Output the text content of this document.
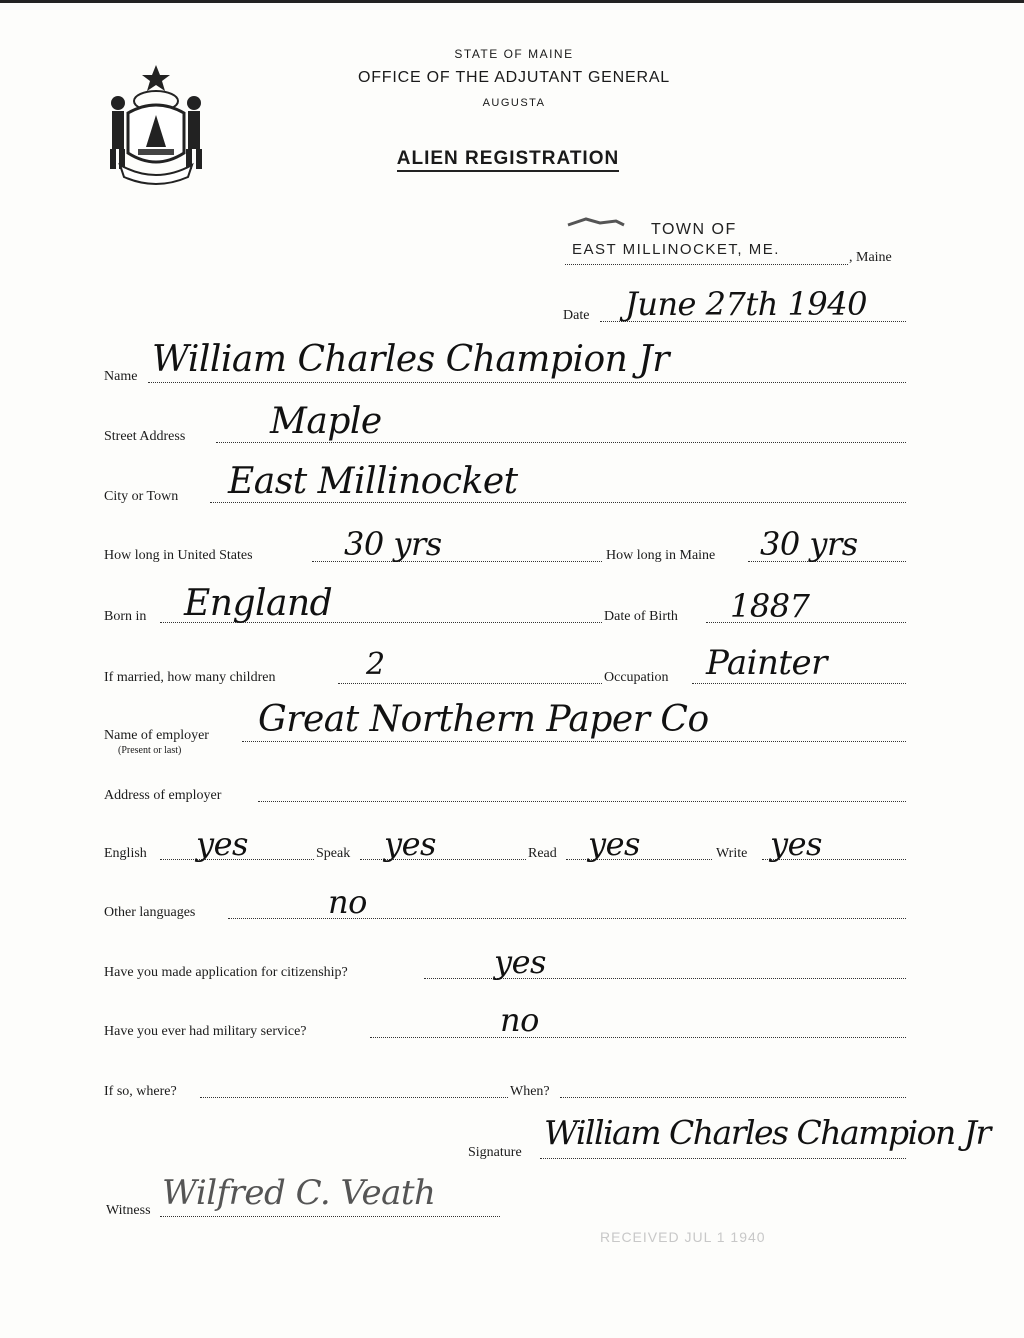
STATE OF MAINE
OFFICE OF THE ADJUTANT GENERAL
AUGUSTA
ALIEN REGISTRATION
TOWN OF
EAST MILLINOCKET, ME.	, Maine
Date June 27th 1940
Name William Charles Champion Jr
Street Address Maple
City or Town East Millinocket
How long in United States	30 yrs	How long in Maine 30 yrs
Born in England	Date of Birth 1887
If married, how many children	2	Occupation Painter
Name of employer
(Present or last)
Great Northern Paper Co
Address of employer
English yes	Speak yes	Read yes	Write yes
Other languages	no
Have you made application for citizenship?	yes
Have you ever had military service?	no
If so, where?	When?
Signature
William Charles Champion Jr
Witness Wilfred C. Veath
RECEIVED JUL 1 1940
